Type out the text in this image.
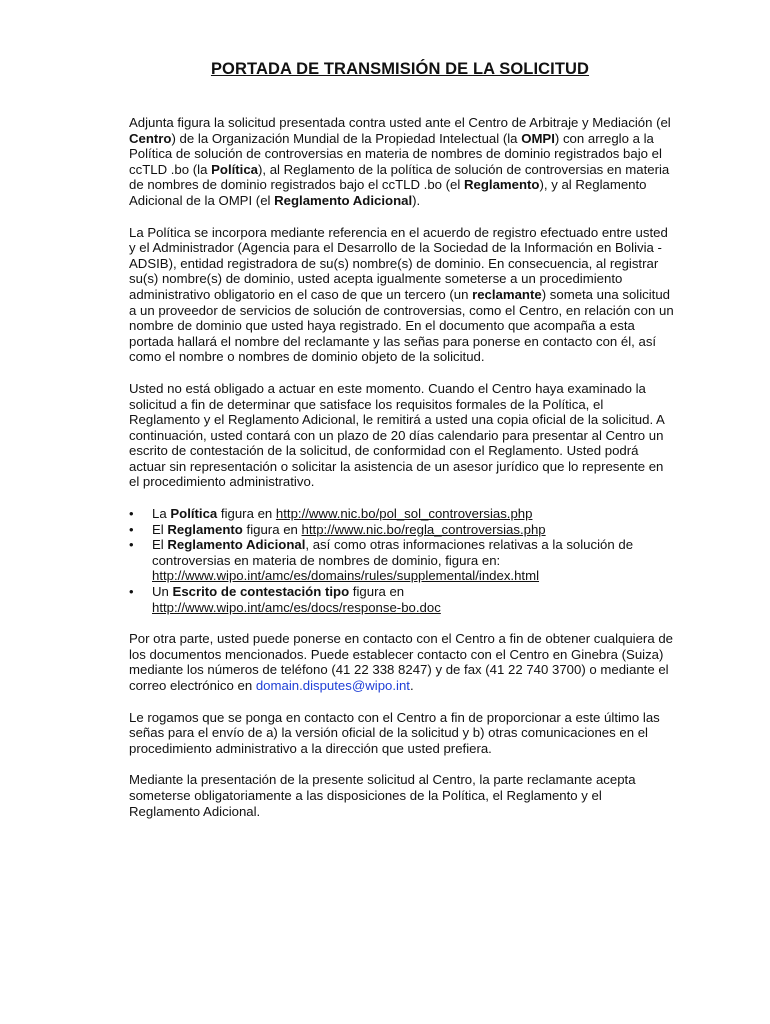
PORTADA DE TRANSMISIÓN DE LA SOLICITUD

Adjunta figura la solicitud presentada contra usted ante el Centro de Arbitraje y Mediación (el Centro) de la Organización Mundial de la Propiedad Intelectual (la OMPI) con arreglo a la Política de solución de controversias en materia de nombres de dominio registrados bajo el ccTLD .bo (la Política), al Reglamento de la política de solución de controversias en materia de nombres de dominio registrados bajo el ccTLD .bo (el Reglamento), y al Reglamento Adicional de la OMPI (el Reglamento Adicional).

La Política se incorpora mediante referencia en el acuerdo de registro efectuado entre usted y el Administrador (Agencia para el Desarrollo de la Sociedad de la Información en Bolivia - ADSIB), entidad registradora de su(s) nombre(s) de dominio. En consecuencia, al registrar su(s) nombre(s) de dominio, usted acepta igualmente someterse a un procedimiento administrativo obligatorio en el caso de que un tercero (un reclamante) someta una solicitud a un proveedor de servicios de solución de controversias, como el Centro, en relación con un nombre de dominio que usted haya registrado. En el documento que acompaña a esta portada hallará el nombre del reclamante y las señas para ponerse en contacto con él, así como el nombre o nombres de dominio objeto de la solicitud.

Usted no está obligado a actuar en este momento. Cuando el Centro haya examinado la solicitud a fin de determinar que satisface los requisitos formales de la Política, el Reglamento y el Reglamento Adicional, le remitirá a usted una copia oficial de la solicitud. A continuación, usted contará con un plazo de 20 días calendario para presentar al Centro un escrito de contestación de la solicitud, de conformidad con el Reglamento. Usted podrá actuar sin representación o solicitar la asistencia de un asesor jurídico que lo represente en el procedimiento administrativo.

• La Política figura en http://www.nic.bo/pol_sol_controversias.php
• El Reglamento figura en http://www.nic.bo/regla_controversias.php
• El Reglamento Adicional, así como otras informaciones relativas a la solución de controversias en materia de nombres de dominio, figura en:
http://www.wipo.int/amc/es/domains/rules/supplemental/index.html
• Un Escrito de contestación tipo figura en
http://www.wipo.int/amc/es/docs/response-bo.doc

Por otra parte, usted puede ponerse en contacto con el Centro a fin de obtener cualquiera de los documentos mencionados. Puede establecer contacto con el Centro en Ginebra (Suiza) mediante los números de teléfono (41 22 338 8247) y de fax (41 22 740 3700) o mediante el correo electrónico en domain.disputes@wipo.int.

Le rogamos que se ponga en contacto con el Centro a fin de proporcionar a este último las señas para el envío de a) la versión oficial de la solicitud y b) otras comunicaciones en el procedimiento administrativo a la dirección que usted prefiera.

Mediante la presentación de la presente solicitud al Centro, la parte reclamante acepta someterse obligatoriamente a las disposiciones de la Política, el Reglamento y el Reglamento Adicional.
